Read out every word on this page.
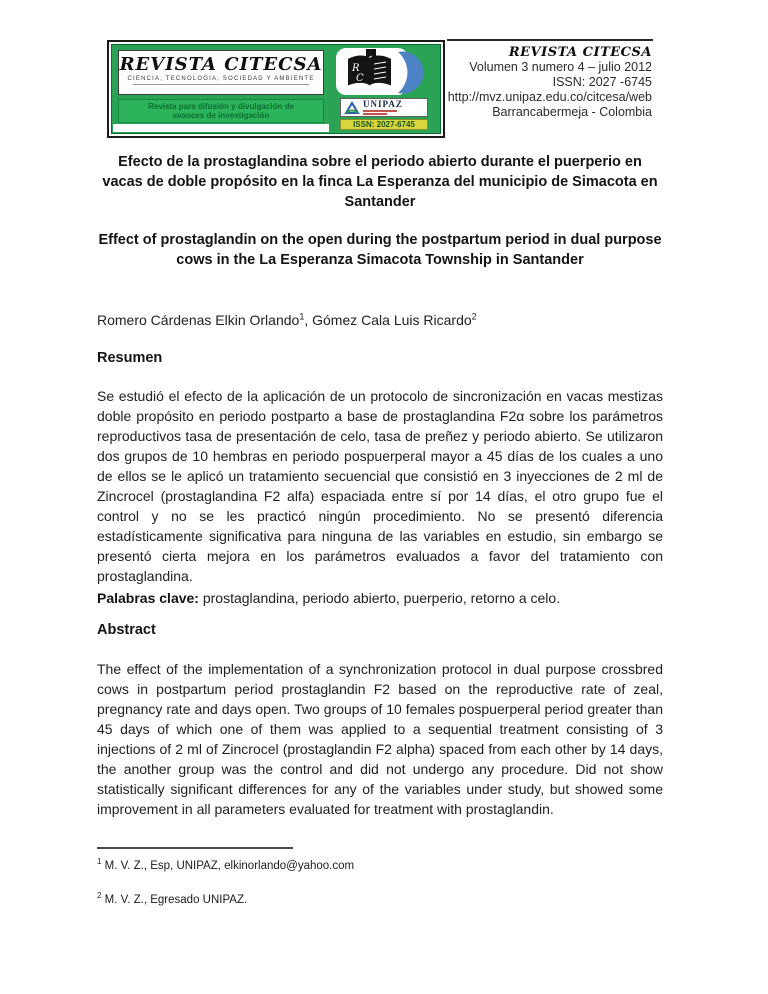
REVISTA CITECSA
CIENCIA, TECNOLOGIA, SOCIEDAD Y AMBIENTE
Revista para difusión y divulgación de avances de investigación
R
C
UNIPAZ
ISSN: 2027-6745
REVISTA CITECSA
Volumen 3 numero 4 – julio 2012
ISSN: 2027 -6745
http://mvz.unipaz.edu.co/citcesa/web
Barrancabermeja - Colombia
Efecto de la prostaglandina sobre el periodo abierto durante el puerperio en vacas de doble propósito en la finca La Esperanza del municipio de Simacota en Santander
Effect of prostaglandin on the open during the postpartum period in dual purpose cows in the La Esperanza Simacota Township in Santander
Romero Cárdenas Elkin Orlando$^1$, Gómez Cala Luis Ricardo$^2$
Resumen
Se estudió el efecto de la aplicación de un protocolo de sincronización en vacas mestizas doble propósito en periodo postparto a base de prostaglandina F2α sobre los parámetros reproductivos tasa de presentación de celo, tasa de preñez y periodo abierto. Se utilizaron dos grupos de 10 hembras en periodo pospuerperal mayor a 45 días de los cuales a uno de ellos se le aplicó un tratamiento secuencial que consistió en 3 inyecciones de 2 ml de Zincrocel (prostaglandina F2 alfa) espaciada entre sí por 14 días, el otro grupo fue el control y no se les practicó ningún procedimiento. No se presentó diferencia estadísticamente significativa para ninguna de las variables en estudio, sin embargo se presentó cierta mejora en los parámetros evaluados a favor del tratamiento con prostaglandina.
Palabras clave: prostaglandina, periodo abierto, puerperio, retorno a celo.
Abstract
The effect of the implementation of a synchronization protocol in dual purpose crossbred cows in postpartum period prostaglandin F2 based on the reproductive rate of zeal, pregnancy rate and days open. Two groups of 10 females pospuerperal period greater than 45 days of which one of them was applied to a sequential treatment consisting of 3 injections of 2 ml of Zincrocel (prostaglandin F2 alpha) spaced from each other by 14 days, the another group was the control and did not undergo any procedure. Did not show statistically significant differences for any of the variables under study, but showed some improvement in all parameters evaluated for treatment with prostaglandin.
$^1$ M. V. Z., Esp, UNIPAZ, elkinorlando@yahoo.com
$^2$ M. V. Z., Egresado UNIPAZ.
